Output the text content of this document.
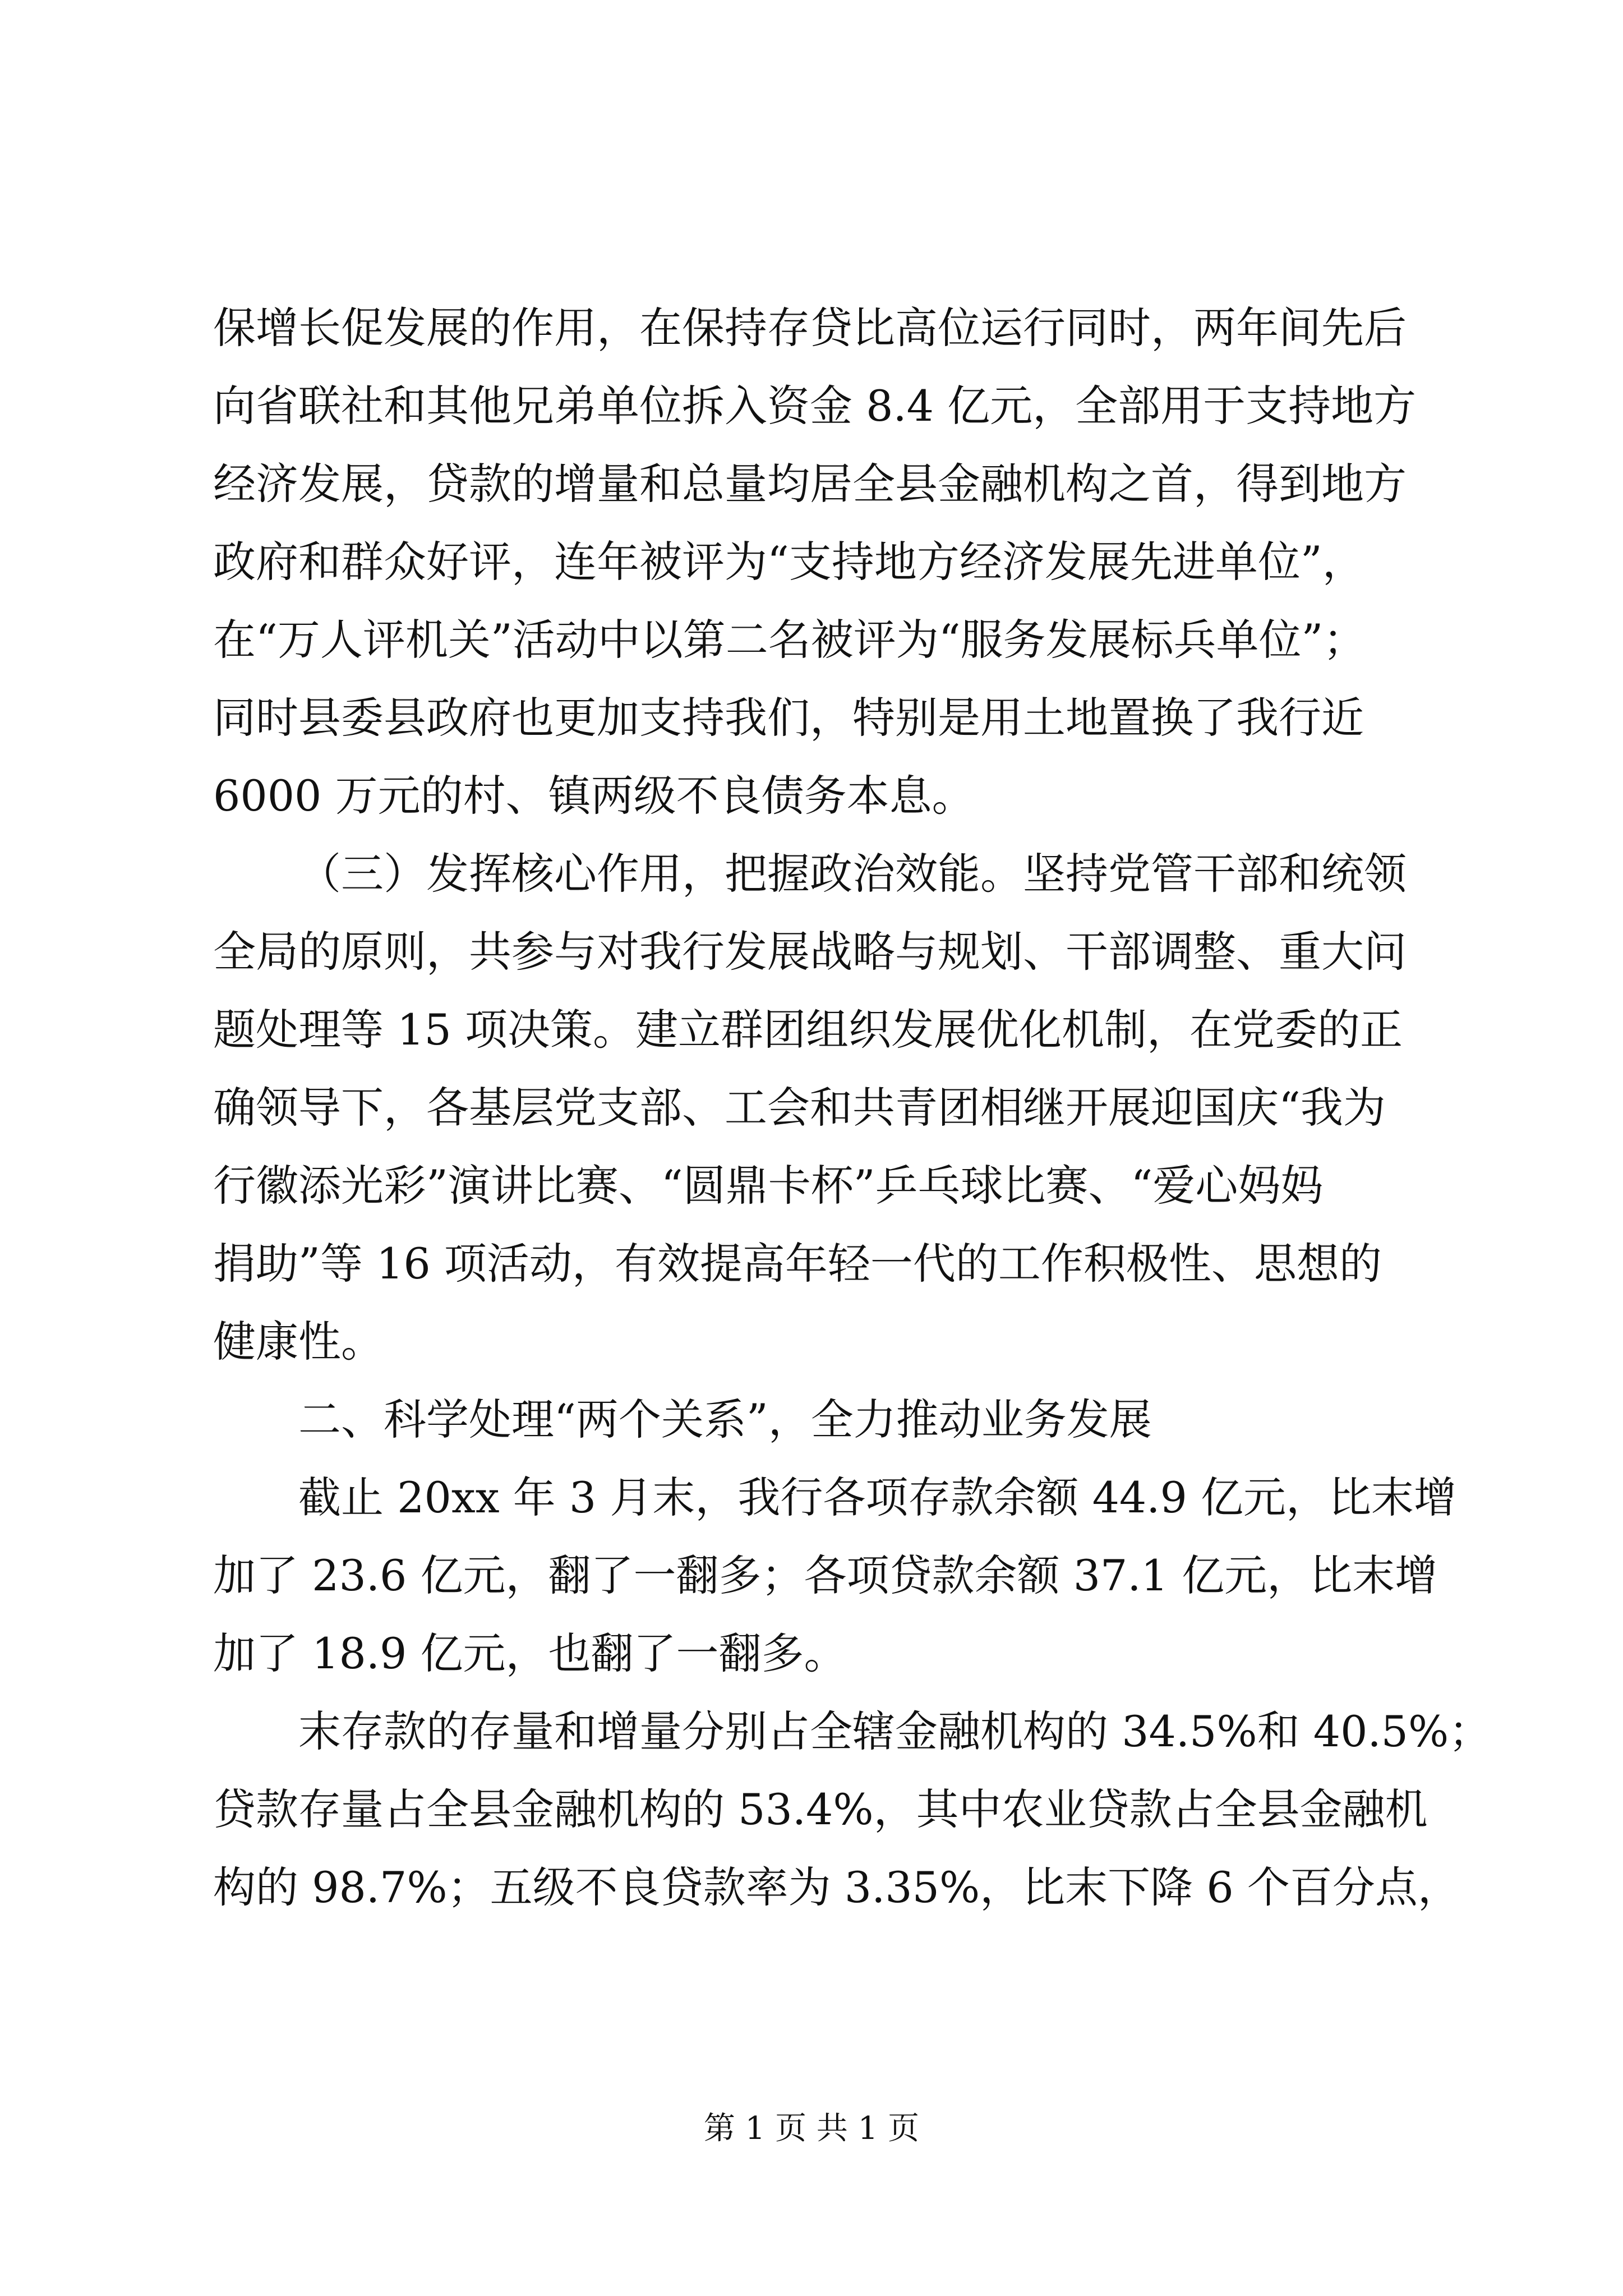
保增长促发展的作用，在保持存贷比高位运行同时，两年间先后
向省联社和其他兄弟单位拆入资金 8.4 亿元，全部用于支持地方
经济发展，贷款的增量和总量均居全县金融机构之首，得到地方
政府和群众好评，连年被评为“支持地方经济发展先进单位”，
在“万人评机关”活动中以第二名被评为“服务发展标兵单位”；
同时县委县政府也更加支持我们，特别是用土地置换了我行近
6000 万元的村、镇两级不良债务本息。
（三）发挥核心作用，把握政治效能。坚持党管干部和统领
全局的原则，共参与对我行发展战略与规划、干部调整、重大问
题处理等 15 项决策。建立群团组织发展优化机制，在党委的正
确领导下，各基层党支部、工会和共青团相继开展迎国庆“我为
行徽添光彩”演讲比赛、“圆鼎卡杯”乒乓球比赛、“爱心妈妈
捐助”等 16 项活动，有效提高年轻一代的工作积极性、思想的
健康性。
二、科学处理“两个关系”，全力推动业务发展
截止 20xx 年 3 月末，我行各项存款余额 44.9 亿元，比末增
加了 23.6 亿元，翻了一翻多；各项贷款余额 37.1 亿元，比末增
加了 18.9 亿元，也翻了一翻多。
末存款的存量和增量分别占全辖金融机构的 34.5%和 40.5%；
贷款存量占全县金融机构的 53.4%，其中农业贷款占全县金融机
构的 98.7%；五级不良贷款率为 3.35%，比末下降 6 个百分点，
第 1 页 共 1 页
